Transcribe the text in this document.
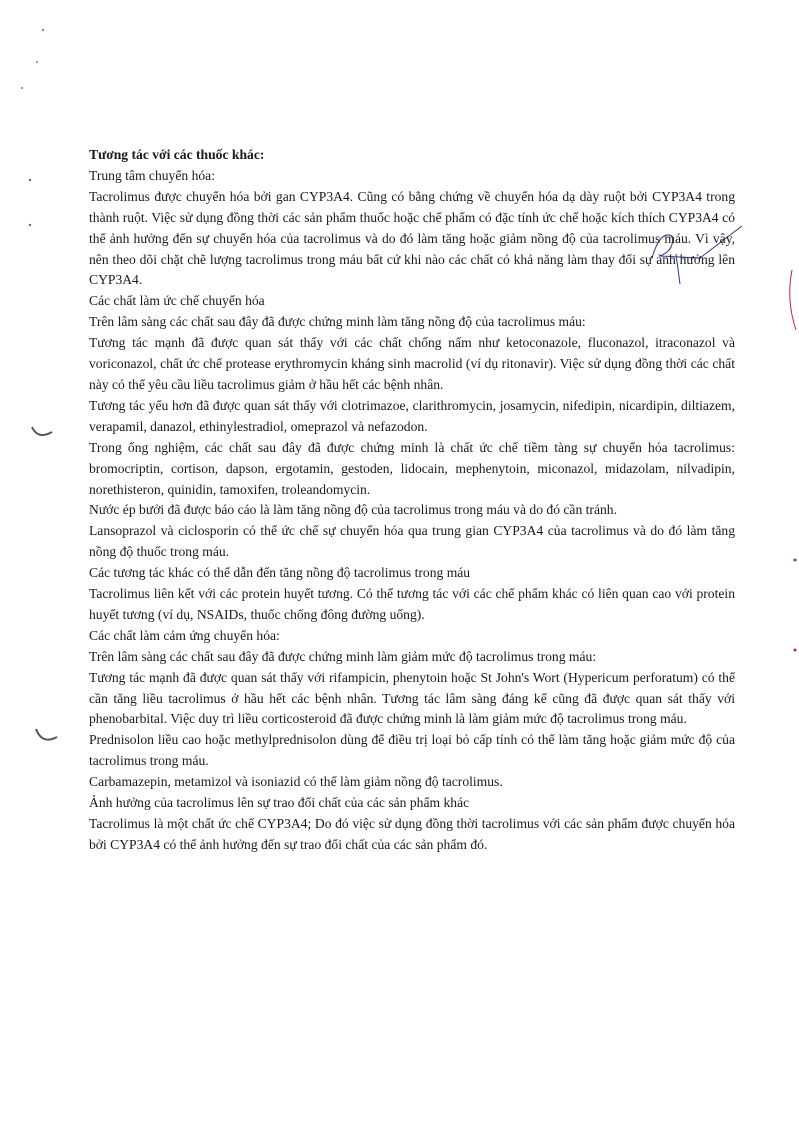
Tương tác với các thuốc khác:

Trung tâm chuyển hóa:

Tacrolimus được chuyển hóa bởi gan CYP3A4. Cũng có bằng chứng về chuyển hóa dạ dày ruột bởi CYP3A4 trong thành ruột. Việc sử dụng đồng thời các sản phẩm thuốc hoặc chế phẩm có đặc tính ức chế hoặc kích thích CYP3A4 có thể ảnh hưởng đến sự chuyển hóa của tacrolimus và do đó làm tăng hoặc giảm nồng độ của tacrolimus máu. Vì vậy, nên theo dõi chặt chẽ lượng tacrolimus trong máu bất cứ khi nào các chất có khả năng làm thay đổi sự ảnh hưởng lên CYP3A4.

Các chất làm ức chế chuyển hóa

Trên lâm sàng các chất sau đây đã được chứng minh làm tăng nồng độ của tacrolimus máu:

Tương tác mạnh đã được quan sát thấy với các chất chống nấm như ketoconazole, fluconazol, itraconazol và voriconazol, chất ức chế protease erythromycin kháng sinh macrolid (ví dụ ritonavir). Việc sử dụng đồng thời các chất này có thể yêu cầu liều tacrolimus giảm ở hầu hết các bệnh nhân.

Tương tác yếu hơn đã được quan sát thấy với clotrimazoe, clarithromycin, josamycin, nifedipin, nicardipin, diltiazem, verapamil, danazol, ethinylestradiol, omeprazol và nefazodon.

Trong ống nghiệm, các chất sau đây đã được chứng minh là chất ức chế tiềm tàng sự chuyển hóa tacrolimus: bromocriptin, cortison, dapson, ergotamin, gestoden, lidocain, mephenytoin, miconazol, midazolam, nilvadipin, norethisteron, quinidin, tamoxifen, troleandomycin.

Nước ép bưởi đã được báo cáo là làm tăng nồng độ của tacrolimus trong máu và do đó cần tránh.

Lansoprazol và ciclosporin có thể ức chế sự chuyển hóa qua trung gian CYP3A4 của tacrolimus và do đó làm tăng nồng độ thuốc trong máu.

Các tương tác khác có thể dẫn đến tăng nồng độ tacrolimus trong máu

Tacrolimus liên kết với các protein huyết tương. Có thể tương tác với các chế phẩm khác có liên quan cao với protein huyết tương (ví dụ, NSAIDs, thuốc chống đông đường uống).

Các chất làm cảm ứng chuyển hóa:

Trên lâm sàng các chất sau đây đã được chứng minh làm giảm mức độ tacrolimus trong máu:

Tương tác mạnh đã được quan sát thấy với rifampicin, phenytoin hoặc St John's Wort (Hypericum perforatum) có thể cần tăng liều tacrolimus ở hầu hết các bệnh nhân. Tương tác lâm sàng đáng kể cũng đã được quan sát thấy với phenobarbital. Việc duy trì liều corticosteroid đã được chứng minh là làm giảm mức độ tacrolimus trong máu.

Prednisolon liều cao hoặc methylprednisolon dùng để điều trị loại bỏ cấp tính có thể làm tăng hoặc giảm mức độ của tacrolimus trong máu.

Carbamazepin, metamizol và isoniazid có thể làm giảm nồng độ tacrolimus.

Ảnh hưởng của tacrolimus lên sự trao đổi chất của các sản phẩm khác

Tacrolimus là một chất ức chế CYP3A4; Do đó việc sử dụng đồng thời tacrolimus với các sản phẩm được chuyển hóa bởi CYP3A4 có thể ảnh hưởng đến sự trao đổi chất của các sản phẩm đó.
